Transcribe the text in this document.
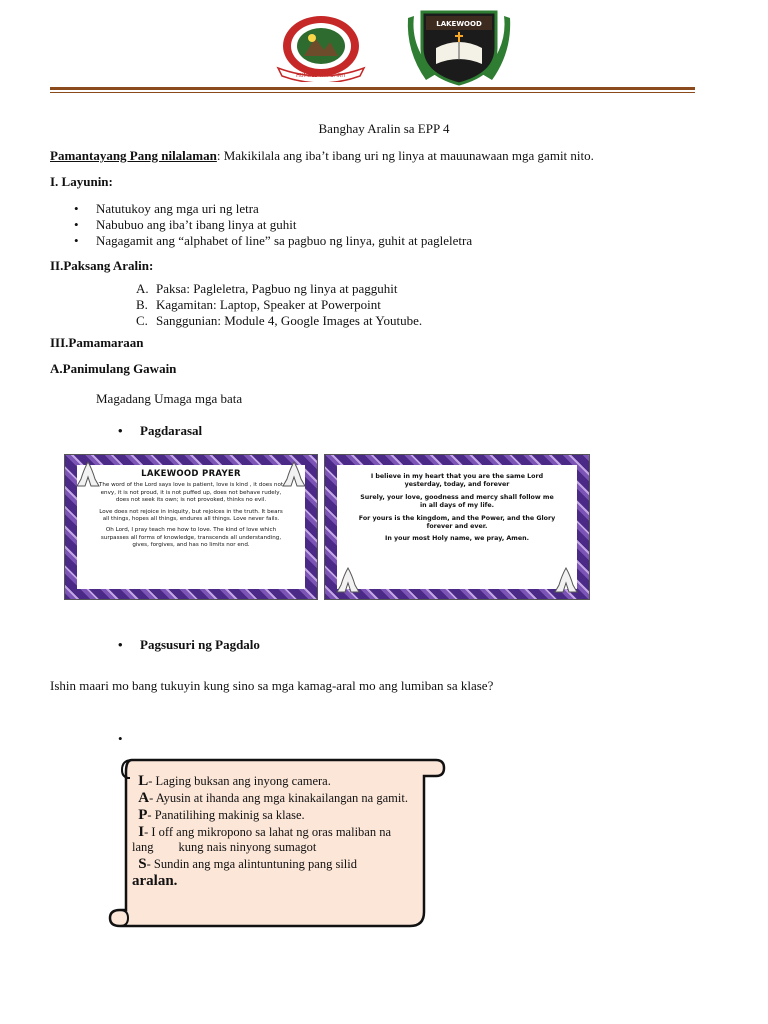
HUMBLE THY SPIRIT
LAKEWOOD
Banghay Aralin sa EPP 4
Pamantayang Pang nilalaman: Makikilala ang iba’t ibang uri ng linya at mauunawaan mga gamit nito.
I. Layunin:
• Natutukoy ang mga uri ng letra
• Nabubuo ang iba’t ibang linya at guhit
• Nagagamit ang “alphabet of line” sa pagbuo ng linya, guhit at pagleletra
II.Paksang Aralin:
A. Paksa: Pagleletra, Pagbuo ng linya at pagguhit
B. Kagamitan: Laptop, Speaker at Powerpoint
C. Sanggunian: Module 4, Google Images at Youtube.
III.Pamamaraan
A.Panimulang Gawain
Magadang Umaga mga bata
• Pagdarasal
LAKEWOOD PRAYER
The word of the Lord says love is patient, love is kind , it does not envy, it is not proud, it is not puffed up, does not behave rudely, does not seek its own; is not provoked, thinks no evil.
Love does not rejoice in iniquity, but rejoices in the truth. It bears all things, hopes all things, endures all things. Love never fails.
Oh Lord, I pray teach me how to love. The kind of love which surpasses all forms of knowledge, transcends all understanding, gives, forgives, and has no limits nor end.
I believe in my heart that you are the same Lord yesterday, today, and forever
Surely, your love, goodness and mercy shall follow me in all days of my life.
For yours is the kingdom, and the Power, and the Glory forever and ever.
In your most Holy name, we pray, Amen.
• Pagsusuri ng Pagdalo
Ishin maari mo bang tukuyin kung sino sa mga kamag-aral mo ang lumiban sa klase?
•
L- Laging buksan ang inyong camera.
A- Ayusin at ihanda ang mga kinakailangan na gamit.
P- Panatilihing makinig sa klase.
I- I off ang mikropono sa lahat ng oras maliban na lang        kung nais ninyong sumagot
S- Sundin ang mga alintuntuning pang silid
aralan.
